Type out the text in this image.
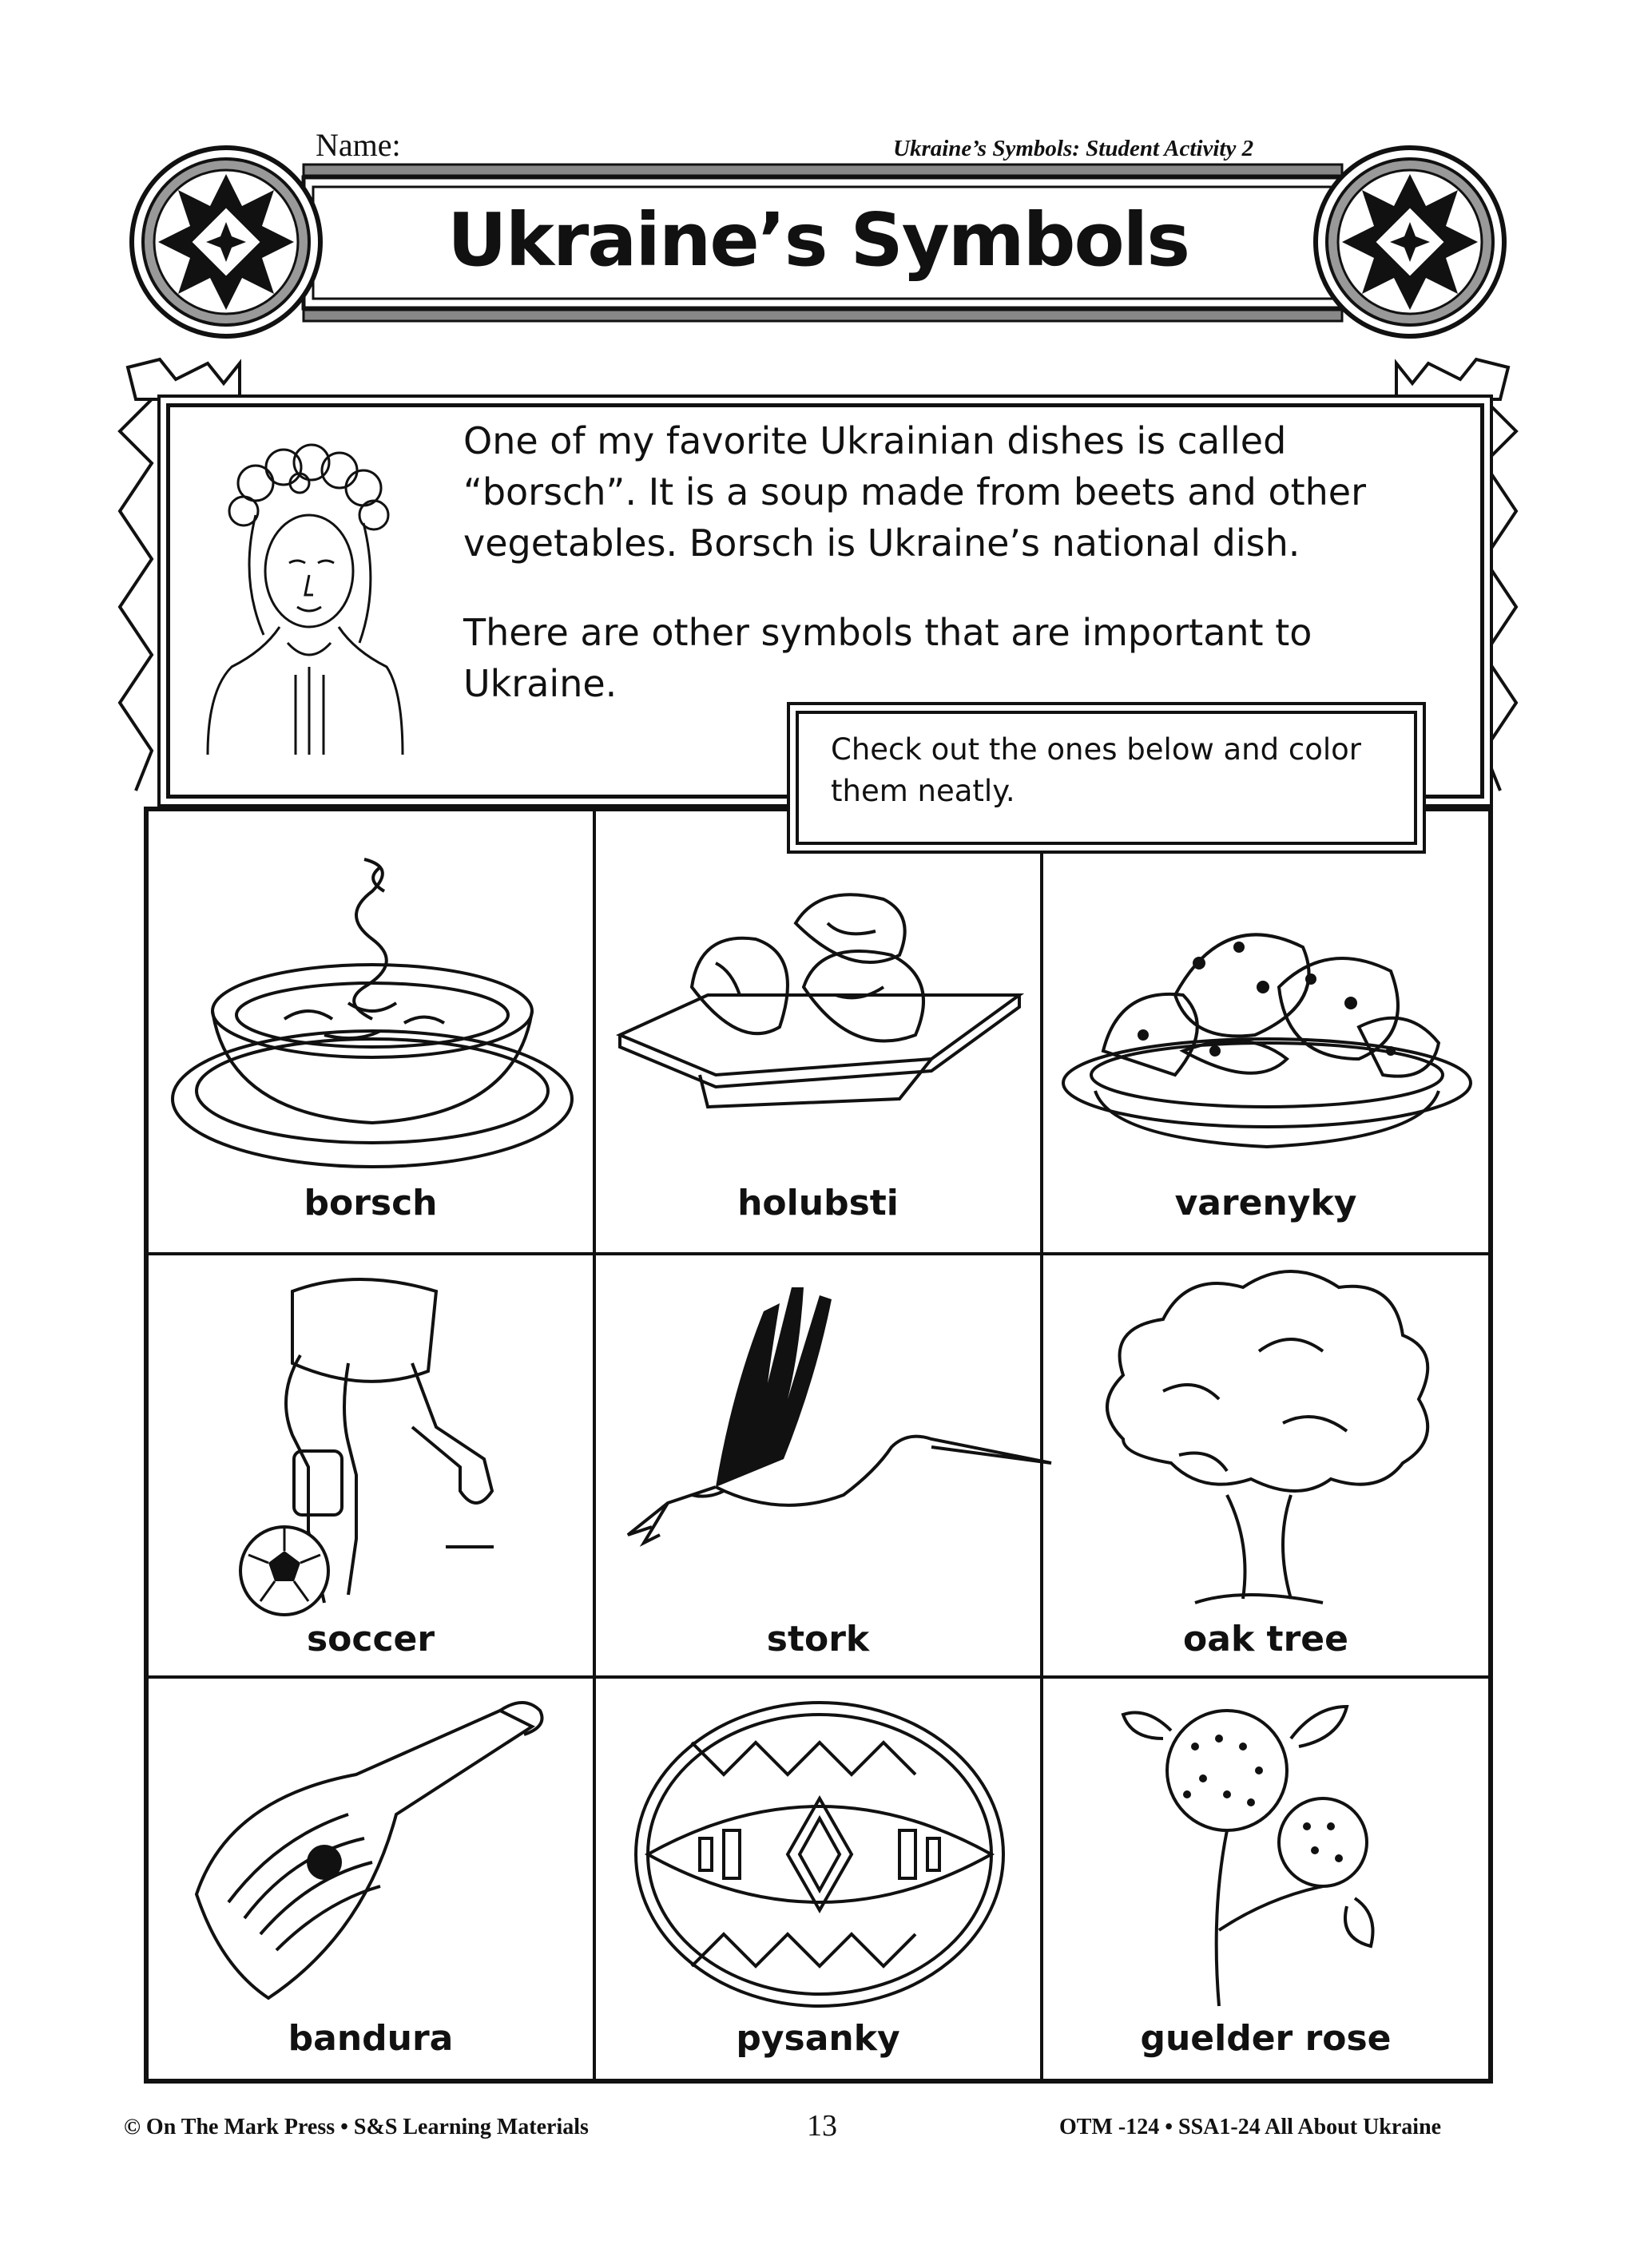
Name:	Ukraine’s Symbols: Student Activity 2
Ukraine’s Symbols
One of my favorite Ukrainian dishes is called “borsch”. It is a soup made from beets and other vegetables. Borsch is Ukraine’s national dish.
There are other symbols that are important to Ukraine.
borsch	holubsti	varenyky
soccer	stork	oak tree
bandura	pysanky	guelder rose
Check out the ones below and color them neatly.
© On The Mark Press • S&S Learning Materials	13	OTM -124 • SSA1-24 All About Ukraine
